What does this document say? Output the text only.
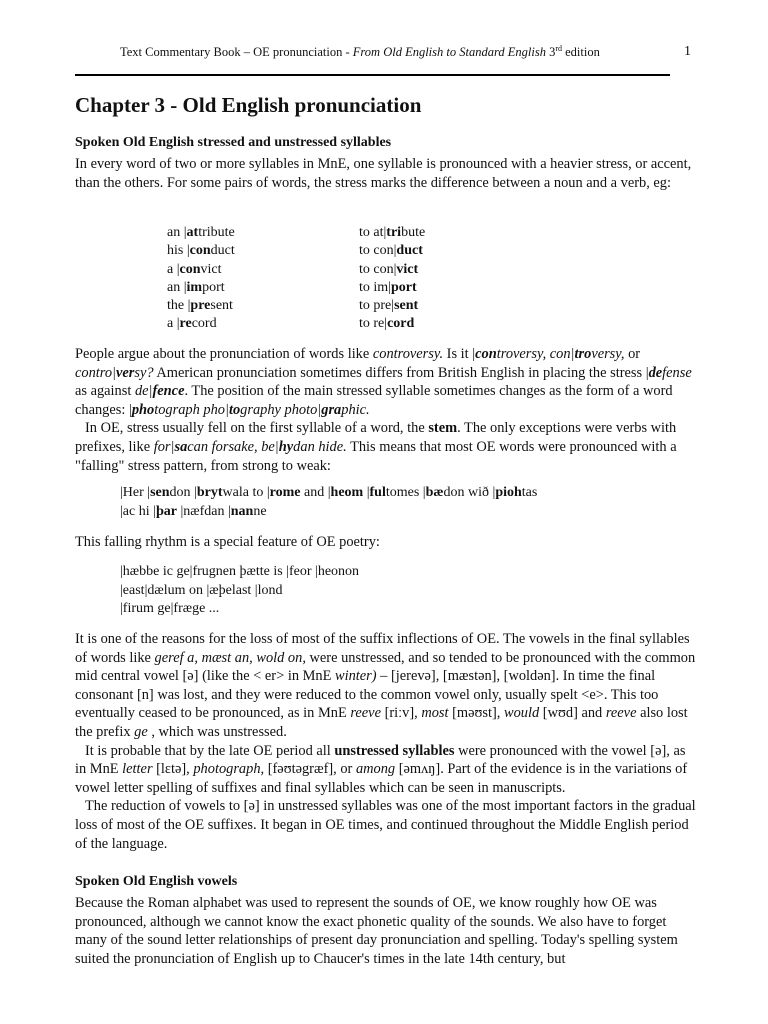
Text Commentary Book – OE pronunciation - From Old English to Standard English 3rd edition	1
Chapter 3 - Old English pronunciation
Spoken Old English stressed and unstressed syllables

In every word of two or more syllables in MnE, one syllable is pronounced with a heavier stress, or accent, than the others. For some pairs of words, the stress marks the difference between a noun and a verb, eg:

an |attribute	to at|tribute
his |conduct	to con|duct
a |convict	to con|vict
an |import	to im|port
the |present	to pre|sent
a |record	to re|cord

People argue about the pronunciation of words like controversy. Is it |controversy, con|troversy, or contro|versy? American pronunciation sometimes differs from British English in placing the stress |defense as against de|fence. The position of the main stressed syllable sometimes changes as the form of a word changes: |photograph pho|tography photo|graphic.

In OE, stress usually fell on the first syllable of a word, the stem. The only exceptions were verbs with prefixes, like for|sacan forsake, be|hydan hide. This means that most OE words were pronounced with a "falling" stress pattern, from strong to weak:

|Her |sendon |brytwala to |rome and |heom |fultomes |bædon wið |piohtas
|ac hi |þar |næfdan |nanne

This falling rhythm is a special feature of OE poetry:

|hæbbe ic ge|frugnen þætte is |feor |heonon
|east|dælum on |æþelast |lond
|firum ge|fræge ...

It is one of the reasons for the loss of most of the suffix inflections of OE. The vowels in the final syllables of words like geref a, mæst an, wold on, were unstressed, and so tended to be pronounced with the common mid central vowel [ə] (like the < er> in MnE winter) – [jerevə], [mæstən], [woldən]. In time the final consonant [n] was lost, and they were reduced to the common vowel only, usually spelt <e>. This too eventually ceased to be pronounced, as in MnE reeve [riːv], most [məʊst], would [wʊd] and reeve also lost the prefix ge , which was unstressed.

It is probable that by the late OE period all unstressed syllables were pronounced with the vowel [ə], as in MnE letter [lɛtə], photograph, [fəʊtəgræf], or among [əmʌŋ]. Part of the evidence is in the variations of vowel letter spelling of suffixes and final syllables which can be seen in manuscripts.

The reduction of vowels to [ə] in unstressed syllables was one of the most important factors in the gradual loss of most of the OE suffixes. It began in OE times, and continued throughout the Middle English period of the language.

Spoken Old English vowels

Because the Roman alphabet was used to represent the sounds of OE, we know roughly how OE was pronounced, although we cannot know the exact phonetic quality of the sounds. We also have to forget many of the sound letter relationships of present day pronunciation and spelling. Today's spelling system suited the pronunciation of English up to Chaucer's times in the late 14th century, but
